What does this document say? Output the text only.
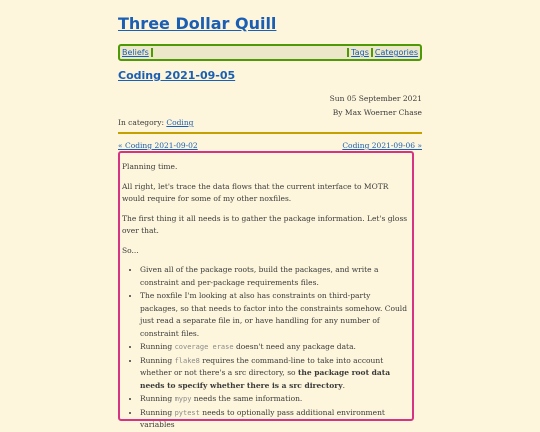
Three Dollar Quill
Beliefs	Tags Categories
Coding 2021-09-05
Sun 05 September 2021
By Max Woerner Chase
In category: Coding
« Coding 2021-09-02	Coding 2021-09-06 »

Planning time.

All right, let's trace the data flows that the current interface to MOTR would require for some of my other noxfiles.

The first thing it all needs is to gather the package information. Let's gloss over that.

So...

• Given all of the package roots, build the packages, and write a constraint and per-package requirements files.
• The noxfile I'm looking at also has constraints on third-party packages, so that needs to factor into the constraints somehow. Could just read a separate file in, or have handling for any number of constraint files.
• Running coverage erase doesn't need any package data.
• Running flake8 requires the command-line to take into account whether or not there's a src directory, so the package root data needs to specify whether there is a src directory.
• Running mypy needs the same information.
• Running pytest needs to optionally pass additional environment variables
